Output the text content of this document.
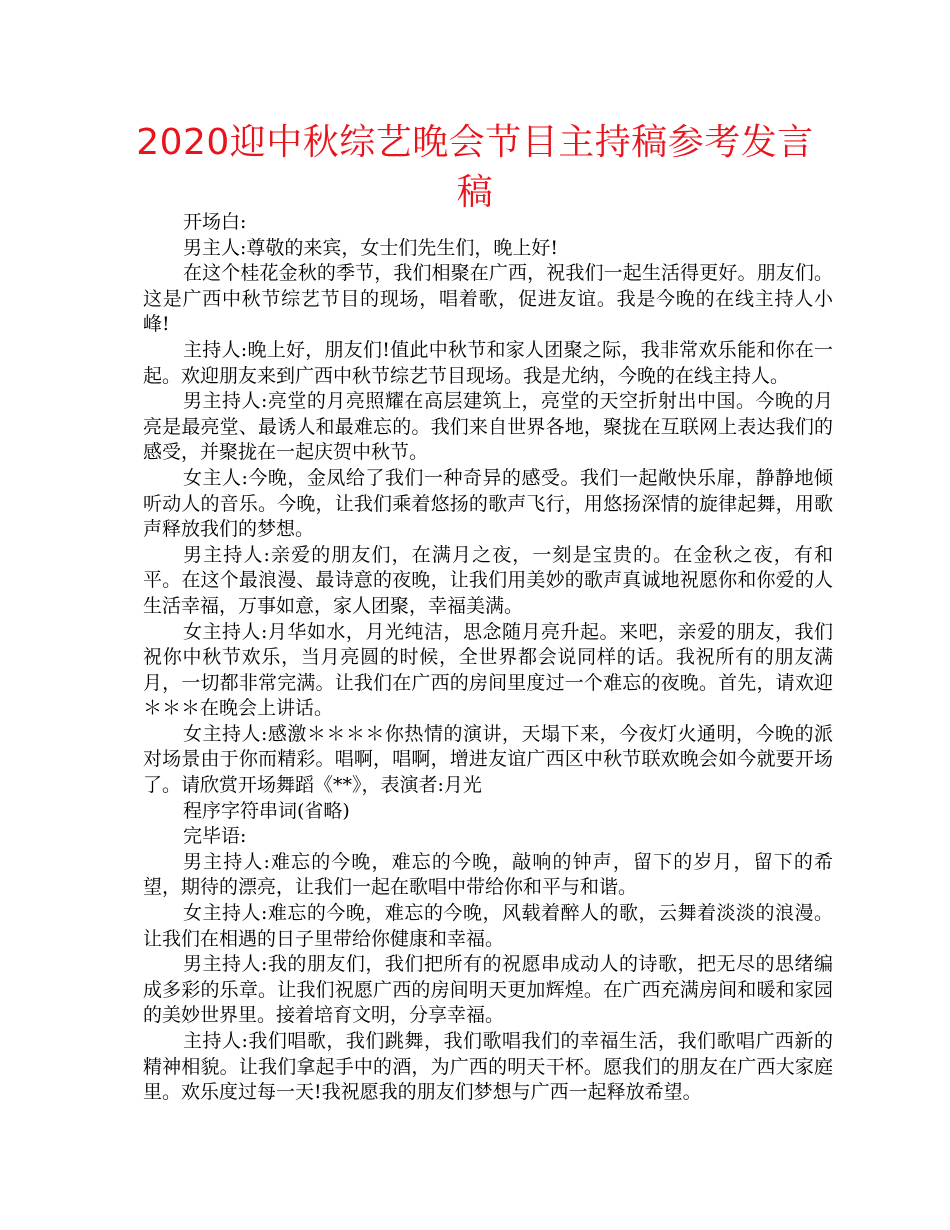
2020迎中秋综艺晚会节目主持稿参考发言稿

开场白:

男主人:尊敬的来宾，女士们先生们，晚上好!

在这个桂花金秋的季节，我们相聚在广西，祝我们一起生活得更好。朋友们。这是广西中秋节综艺节目的现场，唱着歌，促进友谊。我是今晚的在线主持人小峰!

主持人:晚上好，朋友们!值此中秋节和家人团聚之际，我非常欢乐能和你在一起。欢迎朋友来到广西中秋节综艺节目现场。我是尤纳，今晚的在线主持人。

男主持人:亮堂的月亮照耀在高层建筑上，亮堂的天空折射出中国。今晚的月亮是最亮堂、最诱人和最难忘的。我们来自世界各地，聚拢在互联网上表达我们的感受，并聚拢在一起庆贺中秋节。

女主人:今晚，金凤给了我们一种奇异的感受。我们一起敞快乐扉，静静地倾听动人的音乐。今晚，让我们乘着悠扬的歌声飞行，用悠扬深情的旋律起舞，用歌声释放我们的梦想。

男主持人:亲爱的朋友们，在满月之夜，一刻是宝贵的。在金秋之夜，有和平。在这个最浪漫、最诗意的夜晚，让我们用美妙的歌声真诚地祝愿你和你爱的人生活幸福，万事如意，家人团聚，幸福美满。

女主持人:月华如水，月光纯洁，思念随月亮升起。来吧，亲爱的朋友，我们祝你中秋节欢乐，当月亮圆的时候，全世界都会说同样的话。我祝所有的朋友满月，一切都非常完满。让我们在广西的房间里度过一个难忘的夜晚。首先，请欢迎＊＊＊在晚会上讲话。

女主持人:感激＊＊＊＊你热情的演讲，天塌下来，今夜灯火通明，今晚的派对场景由于你而精彩。唱啊，唱啊，增进友谊广西区中秋节联欢晚会如今就要开场了。请欣赏开场舞蹈《**》，表演者:月光

程序字符串词(省略)

完毕语:

男主持人:难忘的今晚，难忘的今晚，敲响的钟声，留下的岁月，留下的希望，期待的漂亮，让我们一起在歌唱中带给你和平与和谐。

女主持人:难忘的今晚，难忘的今晚，风载着醉人的歌，云舞着淡淡的浪漫。让我们在相遇的日子里带给你健康和幸福。

男主持人:我的朋友们，我们把所有的祝愿串成动人的诗歌，把无尽的思绪编成多彩的乐章。让我们祝愿广西的房间明天更加辉煌。在广西充满房间和暖和家园的美妙世界里。接着培育文明，分享幸福。

主持人:我们唱歌，我们跳舞，我们歌唱我们的幸福生活，我们歌唱广西新的精神相貌。让我们拿起手中的酒，为广西的明天干杯。愿我们的朋友在广西大家庭里。欢乐度过每一天!我祝愿我的朋友们梦想与广西一起释放希望。
